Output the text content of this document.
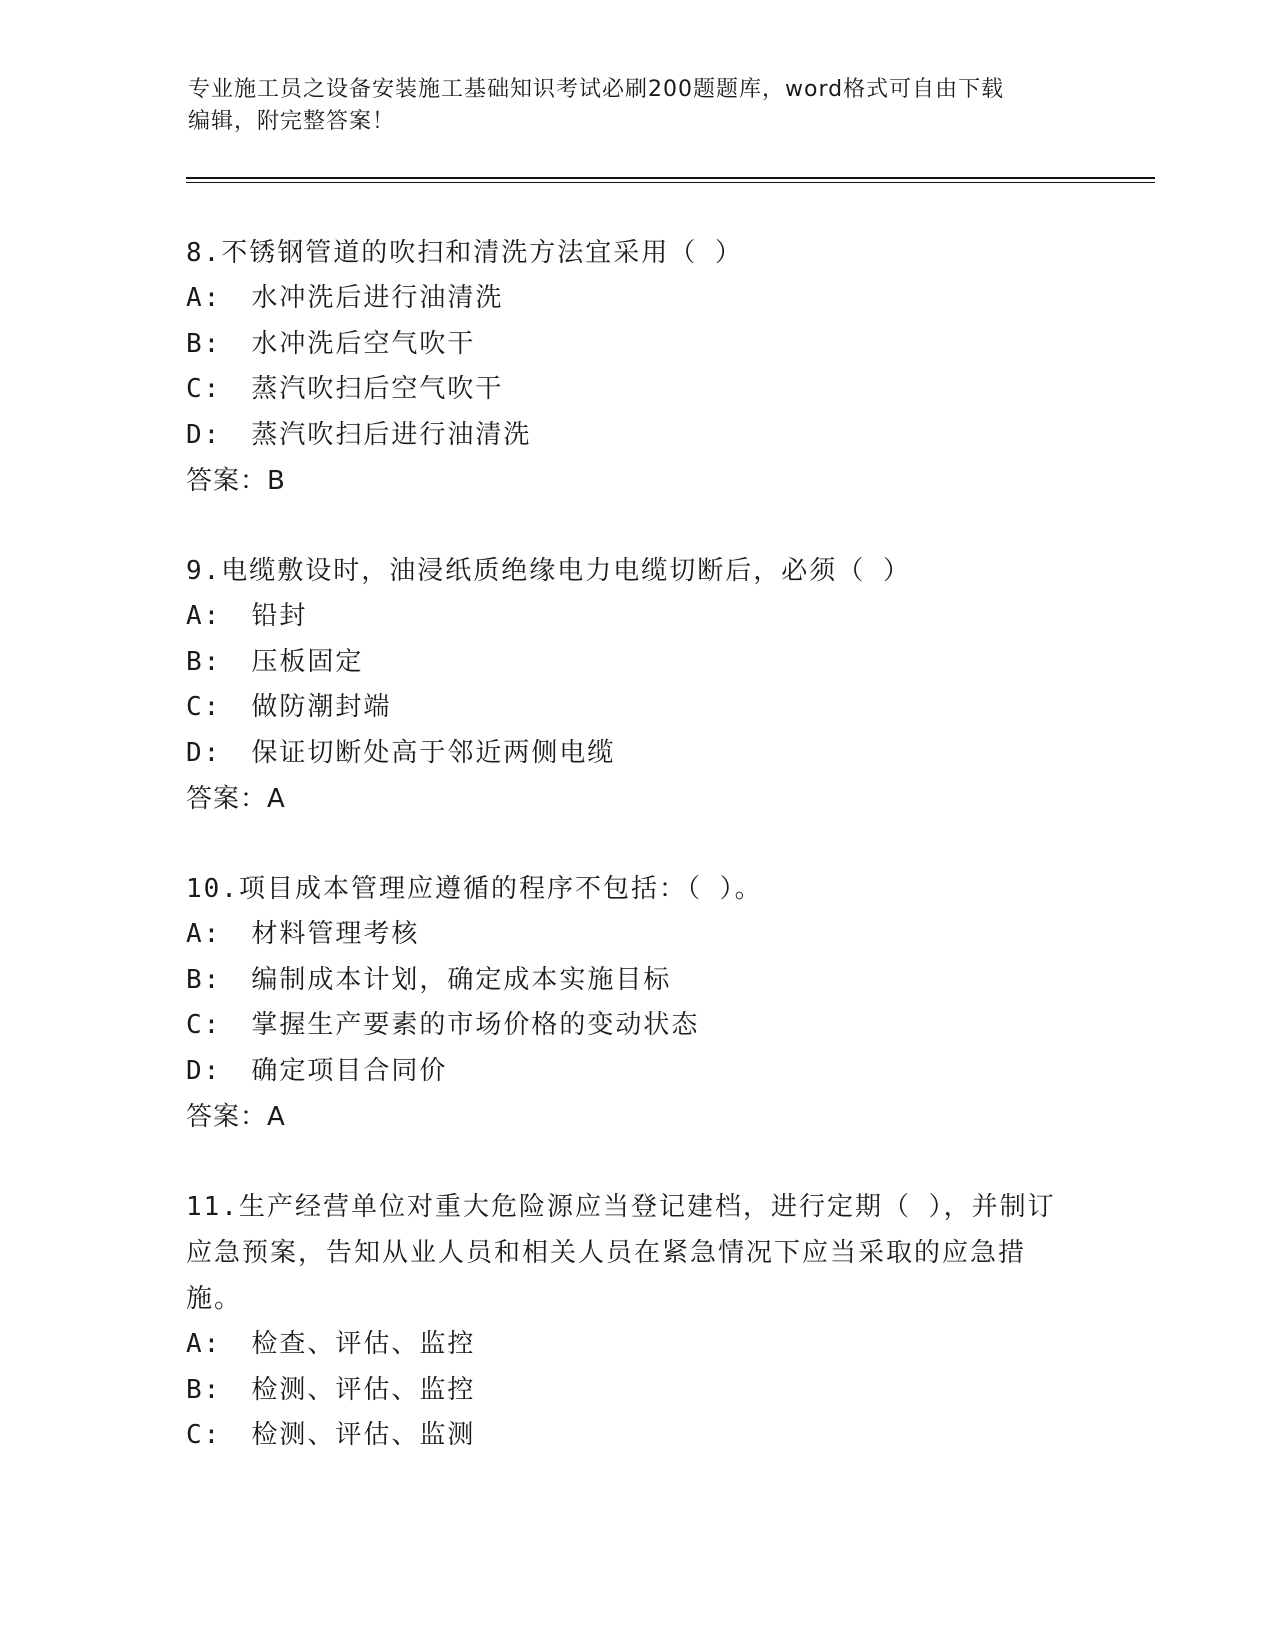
专业施工员之设备安装施工基础知识考试必刷200题题库，word格式可自由下载
编辑，附完整答案！

8.不锈钢管道的吹扫和清洗方法宜采用（ ）

A: 水冲洗后进行油清洗

B: 水冲洗后空气吹干

C: 蒸汽吹扫后空气吹干

D: 蒸汽吹扫后进行油清洗

答案：B

9.电缆敷设时，油浸纸质绝缘电力电缆切断后，必须（ ）

A: 铅封

B: 压板固定

C: 做防潮封端

D: 保证切断处高于邻近两侧电缆

答案：A

10.项目成本管理应遵循的程序不包括：（ ）。

A: 材料管理考核

B: 编制成本计划，确定成本实施目标

C: 掌握生产要素的市场价格的变动状态

D: 确定项目合同价

答案：A

11.生产经营单位对重大危险源应当登记建档，进行定期（ ），并制订应急预案，告知从业人员和相关人员在紧急情况下应当采取的应急措施。

A: 检查、评估、监控

B: 检测、评估、监控

C: 检测、评估、监测
